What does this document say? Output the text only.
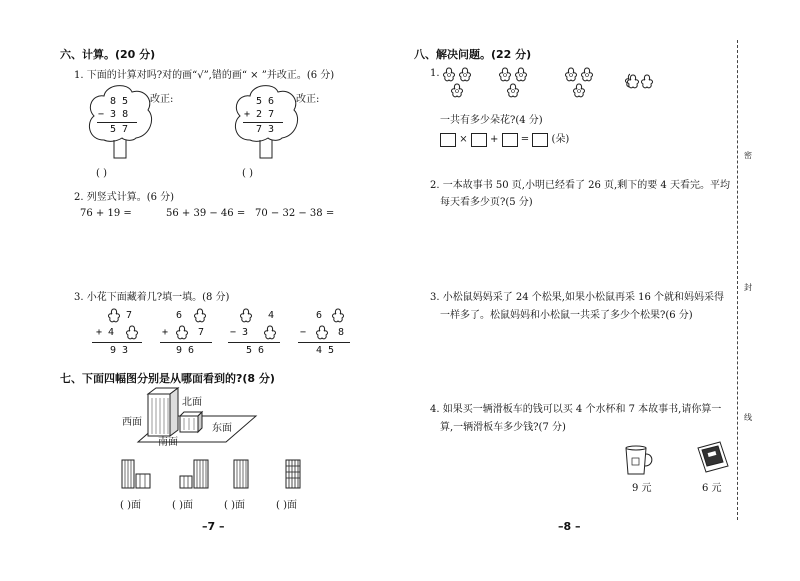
六、计算。(20 分)
1. 下面的计算对吗?对的画“√”,错的画“ × ”并改正。(6 分)
8 5
− 3 8
5 7
改正:
( )
5 6
+ 2 7
7 3
改正:
( )
2. 列竖式计算。(6 分)
76 + 19 =	56 + 39 − 46 = 70 − 32 − 38 =
3. 小花下面藏着几?填一填。(8 分)
7
+ 4
9 3
6
+	7
9 6
4
− 3
5 6
6
−	8
4 5
七、下面四幅图分别是从哪面看到的?(8 分)
北面
西面
东面
南面
( )面	( )面	( )面	( )面
–7 –
八、解决问题。(22 分)
1.
一共有多少朵花?(4 分)
× + = (朵)
2. 一本故事书 50 页,小明已经看了 26 页,剩下的要 4 天看完。平均
每天看多少页?(5 分)
3. 小松鼠妈妈采了 24 个松果,如果小松鼠再采 16 个就和妈妈采得
一样多了。松鼠妈妈和小松鼠一共采了多少个松果?(6 分)
4. 如果买一辆滑板车的钱可以买 4 个水杯和 7 本故事书,请你算一
算,一辆滑板车多少钱?(7 分)
9 元	6 元
–8 –
密
封
线
